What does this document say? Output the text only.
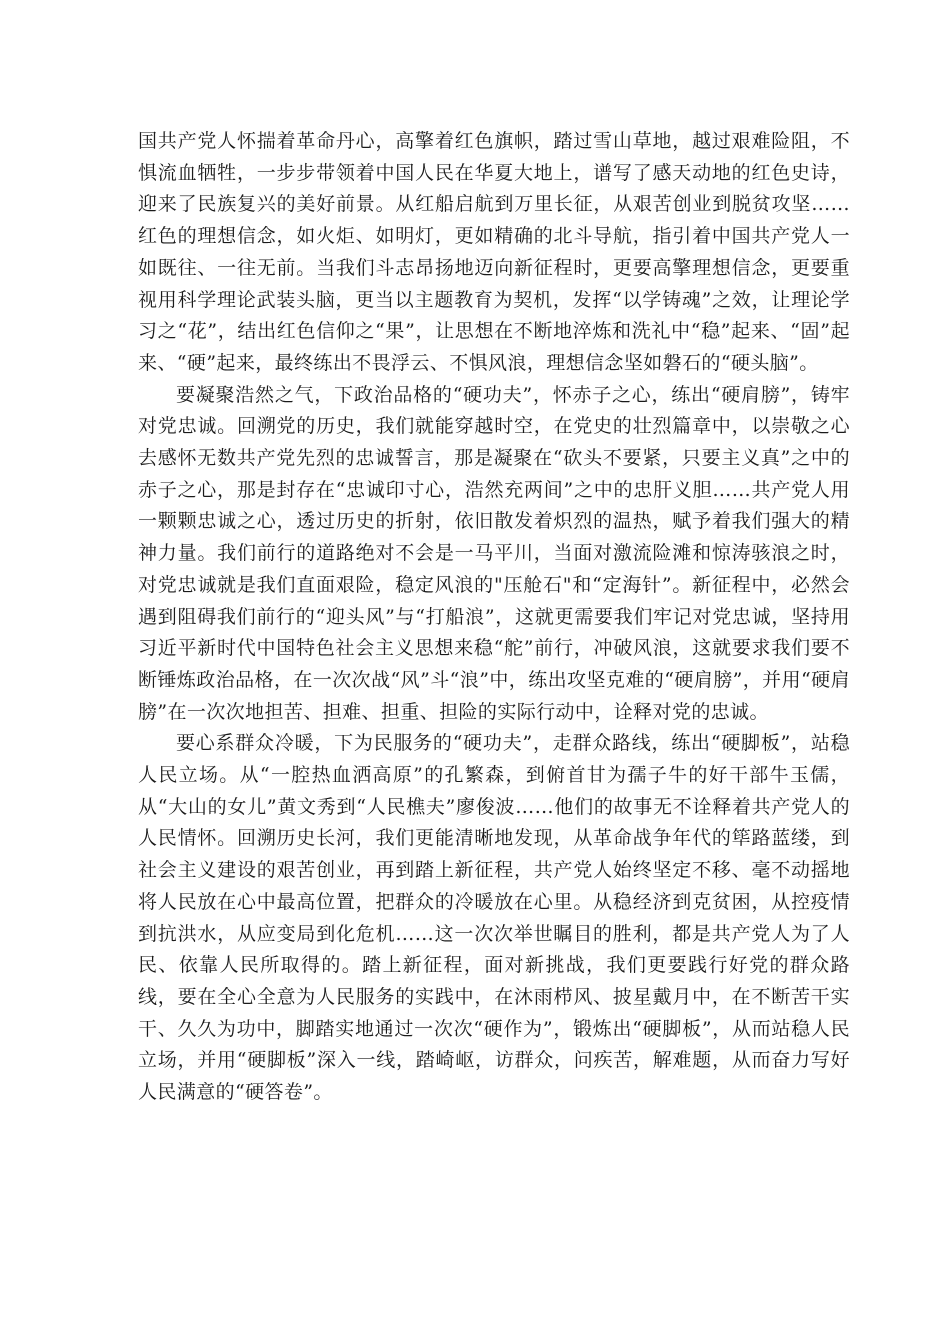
国共产党人怀揣着革命丹心，高擎着红色旗帜，踏过雪山草地，越过艰难险阻，不惧流血牺牲，一步步带领着中国人民在华夏大地上，谱写了感天动地的红色史诗，迎来了民族复兴的美好前景。从红船启航到万里长征，从艰苦创业到脱贫攻坚……红色的理想信念，如火炬、如明灯，更如精确的北斗导航，指引着中国共产党人一如既往、一往无前。当我们斗志昂扬地迈向新征程时，更要高擎理想信念，更要重视用科学理论武装头脑，更当以主题教育为契机，发挥“以学铸魂”之效，让理论学习之“花”，结出红色信仰之“果”，让思想在不断地淬炼和洗礼中“稳”起来、“固”起来、“硬”起来，最终练出不畏浮云、不惧风浪，理想信念坚如磐石的“硬头脑”。

要凝聚浩然之气，下政治品格的“硬功夫”，怀赤子之心，练出“硬肩膀”，铸牢对党忠诚。回溯党的历史，我们就能穿越时空，在党史的壮烈篇章中，以崇敬之心去感怀无数共产党先烈的忠诚誓言，那是凝聚在“砍头不要紧，只要主义真”之中的赤子之心，那是封存在“忠诚印寸心，浩然充两间”之中的忠肝义胆……共产党人用一颗颗忠诚之心，透过历史的折射，依旧散发着炽烈的温热，赋予着我们强大的精神力量。我们前行的道路绝对不会是一马平川，当面对激流险滩和惊涛骇浪之时，对党忠诚就是我们直面艰险，稳定风浪的"压舱石"和“定海针”。新征程中，必然会遇到阻碍我们前行的“迎头风”与“打船浪”，这就更需要我们牢记对党忠诚，坚持用习近平新时代中国特色社会主义思想来稳“舵”前行，冲破风浪，这就要求我们要不断锤炼政治品格，在一次次战“风”斗“浪”中，练出攻坚克难的“硬肩膀”，并用“硬肩膀”在一次次地担苦、担难、担重、担险的实际行动中，诠释对党的忠诚。

要心系群众冷暖，下为民服务的“硬功夫”，走群众路线，练出“硬脚板”，站稳人民立场。从“一腔热血洒高原”的孔繁森，到俯首甘为孺子牛的好干部牛玉儒，从“大山的女儿”黄文秀到“人民樵夫”廖俊波……他们的故事无不诠释着共产党人的人民情怀。回溯历史长河，我们更能清晰地发现，从革命战争年代的筚路蓝缕，到社会主义建设的艰苦创业，再到踏上新征程，共产党人始终坚定不移、毫不动摇地将人民放在心中最高位置，把群众的冷暖放在心里。从稳经济到克贫困，从控疫情到抗洪水，从应变局到化危机……这一次次举世瞩目的胜利，都是共产党人为了人民、依靠人民所取得的。踏上新征程，面对新挑战，我们更要践行好党的群众路线，要在全心全意为人民服务的实践中，在沐雨栉风、披星戴月中，在不断苦干实干、久久为功中，脚踏实地通过一次次“硬作为”，锻炼出“硬脚板”，从而站稳人民立场，并用“硬脚板”深入一线，踏崎岖，访群众，问疾苦，解难题，从而奋力写好人民满意的“硬答卷”。
